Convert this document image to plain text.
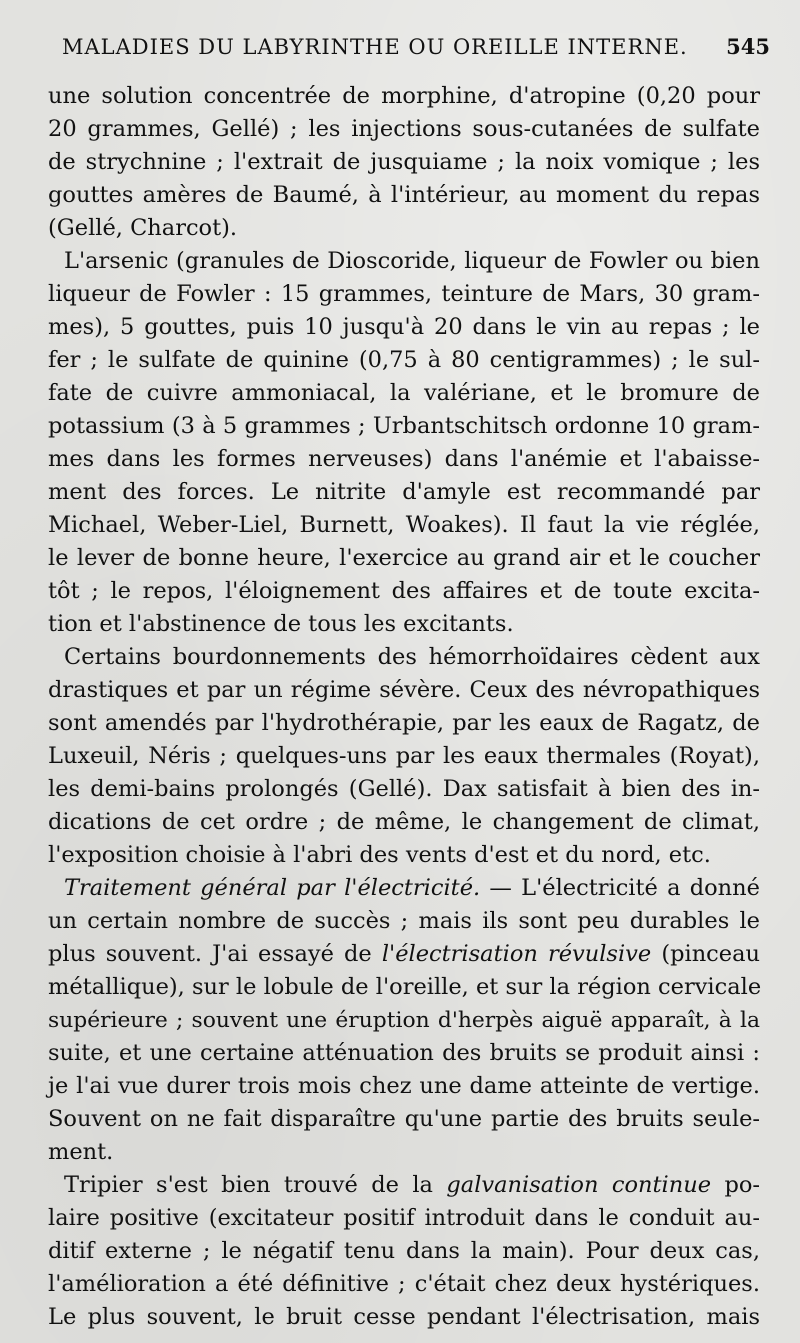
MALADIES DU LABYRINTHE OU OREILLE INTERNE. 545
une solution concentrée de morphine, d'atropine (0,20 pour
20 grammes, Gellé) ; les injections sous-cutanées de sulfate
de strychnine ; l'extrait de jusquiame ; la noix vomique ; les
gouttes amères de Baumé, à l'intérieur, au moment du repas
(Gellé, Charcot).
L'arsenic (granules de Dioscoride, liqueur de Fowler ou bien
liqueur de Fowler : 15 grammes, teinture de Mars, 30 gram-
mes), 5 gouttes, puis 10 jusqu'à 20 dans le vin au repas ; le
fer ; le sulfate de quinine (0,75 à 80 centigrammes) ; le sul-
fate de cuivre ammoniacal, la valériane, et le bromure de
potassium (3 à 5 grammes ; Urbantschitsch ordonne 10 gram-
mes dans les formes nerveuses) dans l'anémie et l'abaisse-
ment des forces. Le nitrite d'amyle est recommandé par
Michael, Weber-Liel, Burnett, Woakes). Il faut la vie réglée,
le lever de bonne heure, l'exercice au grand air et le coucher
tôt ; le repos, l'éloignement des affaires et de toute excita-
tion et l'abstinence de tous les excitants.
Certains bourdonnements des hémorrhoïdaires cèdent aux
drastiques et par un régime sévère. Ceux des névropathiques
sont amendés par l'hydrothérapie, par les eaux de Ragatz, de
Luxeuil, Néris ; quelques-uns par les eaux thermales (Royat),
les demi-bains prolongés (Gellé). Dax satisfait à bien des in-
dications de cet ordre ; de même, le changement de climat,
l'exposition choisie à l'abri des vents d'est et du nord, etc.
Traitement général par l'électricité. — L'électricité a donné
un certain nombre de succès ; mais ils sont peu durables le
plus souvent. J'ai essayé de l'électrisation révulsive (pinceau
métallique), sur le lobule de l'oreille, et sur la région cervicale
supérieure ; souvent une éruption d'herpès aiguë apparaît, à la
suite, et une certaine atténuation des bruits se produit ainsi :
je l'ai vue durer trois mois chez une dame atteinte de vertige.
Souvent on ne fait disparaître qu'une partie des bruits seule-
ment.
Tripier s'est bien trouvé de la galvanisation continue po-
laire positive (excitateur positif introduit dans le conduit au-
ditif externe ; le négatif tenu dans la main). Pour deux cas,
l'amélioration a été définitive ; c'était chez deux hystériques.
Le plus souvent, le bruit cesse pendant l'électrisation, mais
